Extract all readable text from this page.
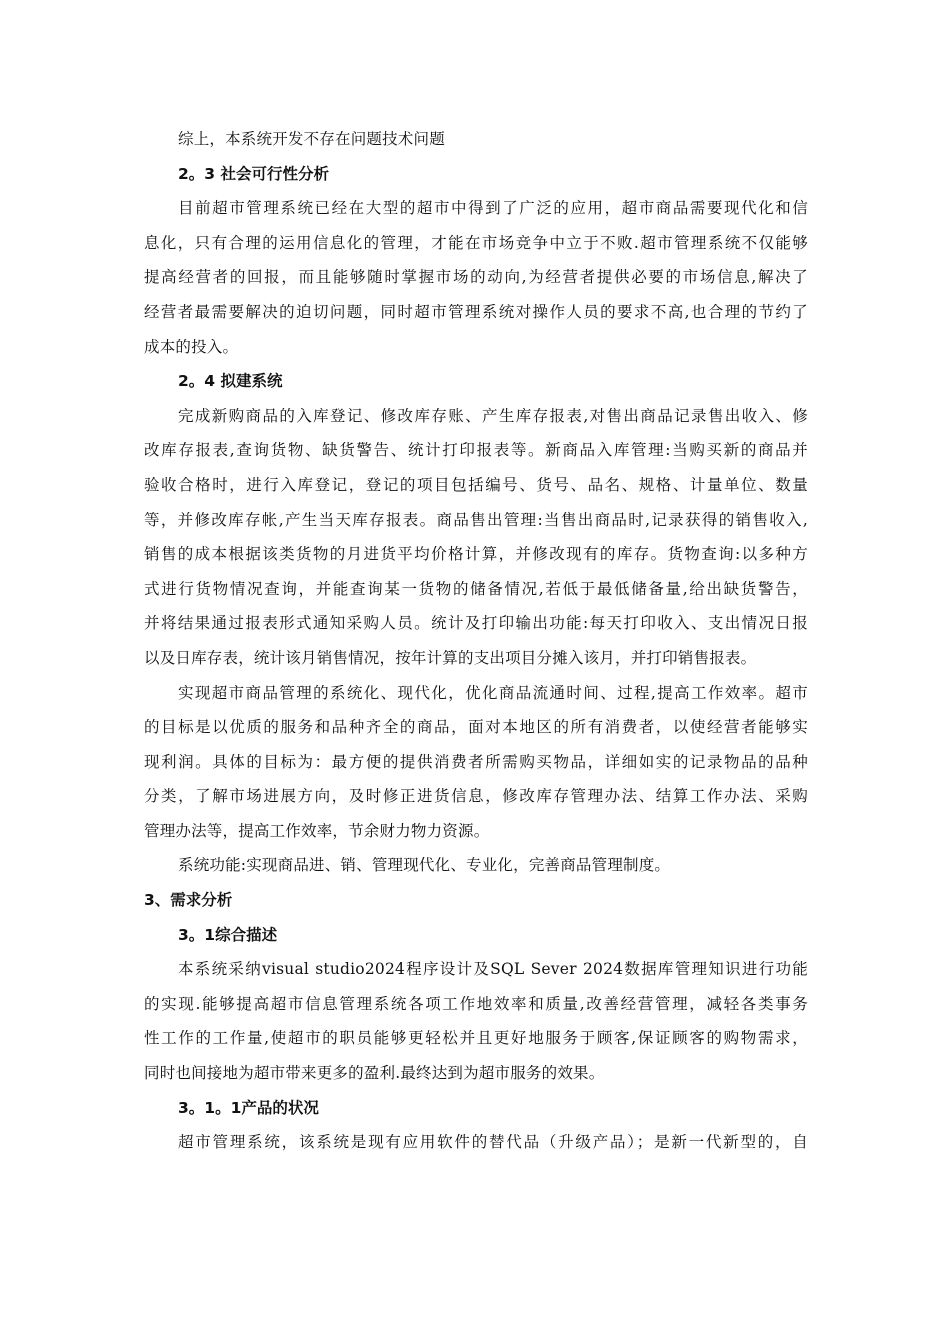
综上，本系统开发不存在问题技术问题
2。3 社会可行性分析
目前超市管理系统已经在大型的超市中得到了广泛的应用，超市商品需要现代化和信
息化，只有合理的运用信息化的管理，才能在市场竞争中立于不败.超市管理系统不仅能够
提高经营者的回报，而且能够随时掌握市场的动向,为经营者提供必要的市场信息,解决了
经营者最需要解决的迫切问题，同时超市管理系统对操作人员的要求不高,也合理的节约了
成本的投入。
2。4 拟建系统
完成新购商品的入库登记、修改库存账、产生库存报表,对售出商品记录售出收入、修
改库存报表,查询货物、缺货警告、统计打印报表等。新商品入库管理:当购买新的商品并
验收合格时，进行入库登记，登记的项目包括编号、货号、品名、规格、计量单位、数量
等，并修改库存帐,产生当天库存报表。商品售出管理:当售出商品时,记录获得的销售收入,
销售的成本根据该类货物的月进货平均价格计算，并修改现有的库存。货物查询:以多种方
式进行货物情况查询，并能查询某一货物的储备情况,若低于最低储备量,给出缺货警告，
并将结果通过报表形式通知采购人员。统计及打印输出功能:每天打印收入、支出情况日报
以及日库存表，统计该月销售情况，按年计算的支出项目分摊入该月，并打印销售报表。
实现超市商品管理的系统化、现代化，优化商品流通时间、过程,提高工作效率。超市
的目标是以优质的服务和品种齐全的商品，面对本地区的所有消费者，以使经营者能够实
现利润。具体的目标为：最方便的提供消费者所需购买物品，详细如实的记录物品的品种
分类，了解市场进展方向，及时修正进货信息，修改库存管理办法、结算工作办法、采购
管理办法等，提高工作效率，节余财力物力资源。
系统功能:实现商品进、销、管理现代化、专业化，完善商品管理制度。
3、需求分析
3。1综合描述
本系统采纳visual studio2024程序设计及SQL Sever 2024数据库管理知识进行功能
的实现.能够提高超市信息管理系统各项工作地效率和质量,改善经营管理，减轻各类事务
性工作的工作量,使超市的职员能够更轻松并且更好地服务于顾客,保证顾客的购物需求，
同时也间接地为超市带来更多的盈利.最终达到为超市服务的效果。
3。1。1产品的状况
超市管理系统，该系统是现有应用软件的替代品（升级产品）；是新一代新型的，自
